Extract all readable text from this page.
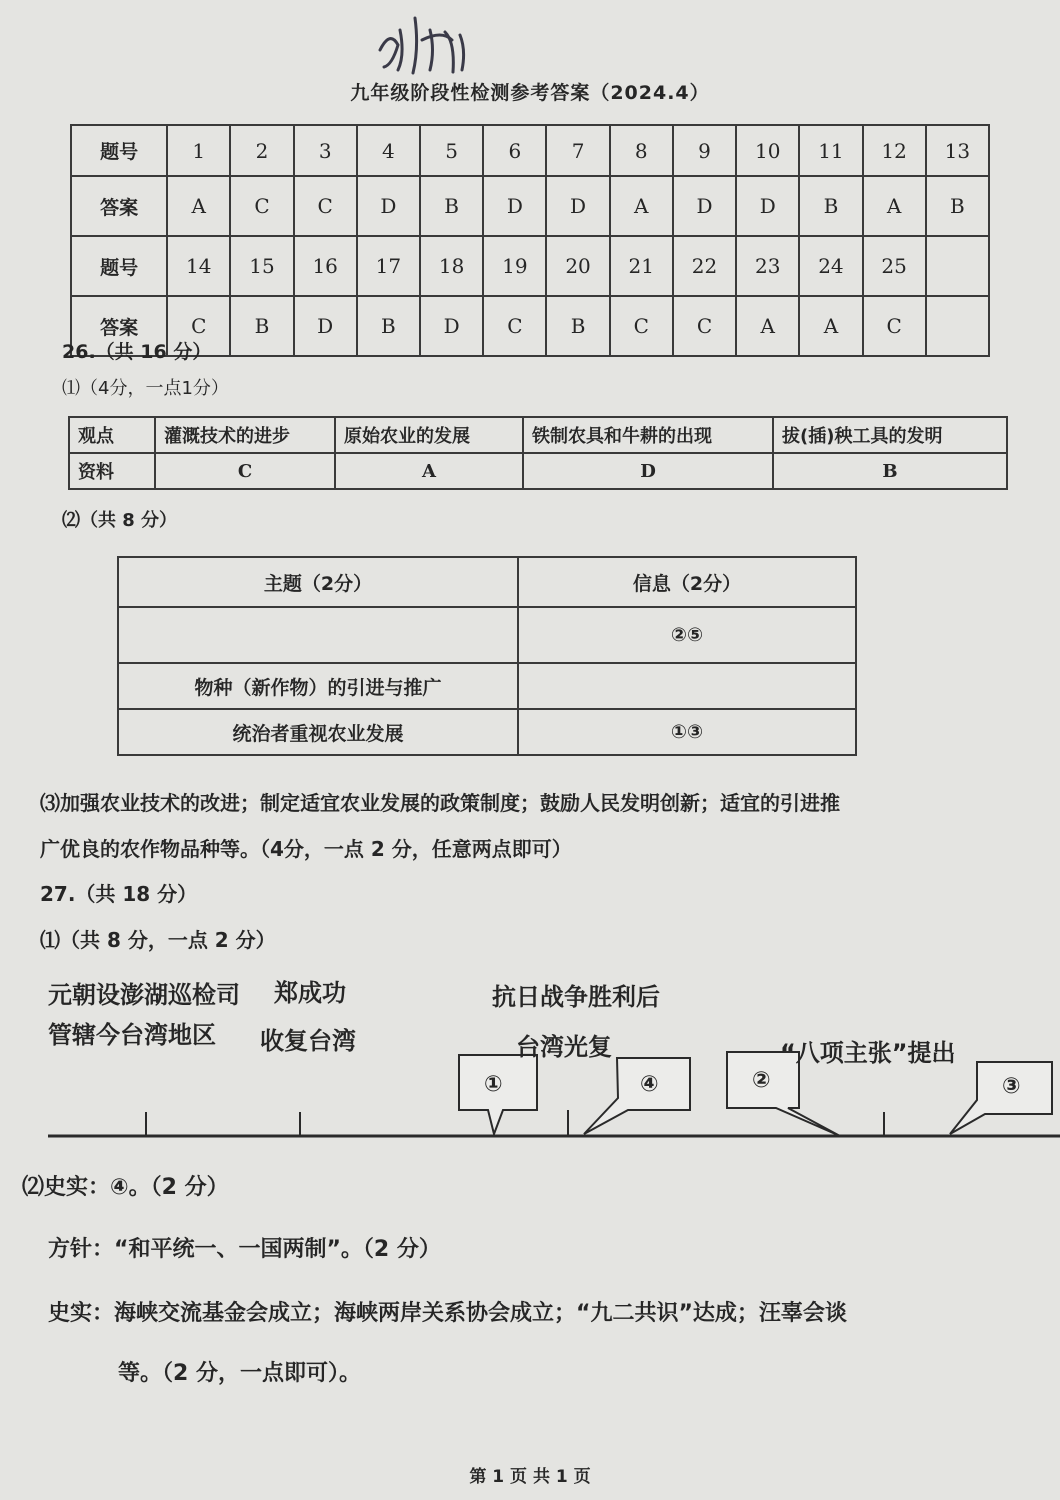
九年级阶段性检测参考答案（2024.4）
题号	1	2	3	4	5	6	7	8	9	10	11	12	13
答案	A	C	C	D	B	D	D	A	D	D	B	A	B
题号	14	15	16	17	18	19	20	21	22	23	24	25	
答案	C	B	D	B	D	C	B	C	C	A	A	C	
26.（共 16 分）
⑴（4分，一点1分）
观点	灌溉技术的进步	原始农业的发展	铁制农具和牛耕的出现	拔(插)秧工具的发明
资料	C	A	D	B
⑵（共 8 分）
主题（2分）	信息（2分）
	②⑤
物种（新作物）的引进与推广	
统治者重视农业发展	①③
⑶加强农业技术的改进；制定适宜农业发展的政策制度；鼓励人民发明创新；适宜的引进推
广优良的农作物品种等。（4分，一点 2 分，任意两点即可）
27.（共 18 分）
⑴（共 8 分，一点 2 分）
元朝设澎湖巡检司
管辖今台湾地区
郑成功
收复台湾
抗日战争胜利后
台湾光复	“八项主张”提出
①	④	②	③
⑵史实：④。（2 分）
方针：“和平统一、一国两制”。（2 分）
史实：海峡交流基金会成立；海峡两岸关系协会成立；“九二共识”达成；汪辜会谈
等。（2 分，一点即可）。
第 1 页 共 1 页
